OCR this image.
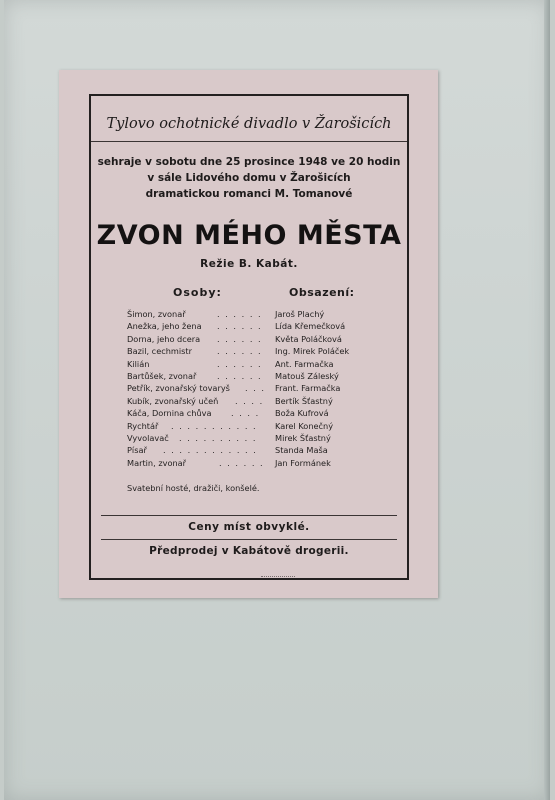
Tylovo ochotnické divadlo v Žarošicích
sehraje v sobotu dne 25 prosince 1948 ve 20 hodin
v sále Lidového domu v Žarošicích
dramatickou romanci M. Tomanové
ZVON MÉHO MĚSTA
Režie B. Kabát.
Osoby:	Obsazení:
Šimon, zvonař	. . . . . . Jaroš Plachý
Anežka, jeho žena . . . . . . Lída Křemečková
Dorna, jeho dcera . . . . . . Květa Poláčková
Bazil, cechmistr	. . . . . . Ing. Mirek Poláček
Kilián	. . . . . . Ant. Farmačka
Bartůšek, zvonař	. . . . . . Matouš Záleský
Petřík, zvonařský tovaryš . . . Frant. Farmačka
Kubík, zvonařský učeň . . . . Bertík Šťastný
Káča, Dornina chůva . . . . Boža Kufrová
Rychtář . . . . . . . . . . . Karel Konečný
Vyvolavač . . . . . . . . . . Mirek Šťastný
Písař . . . . . . . . . . . . Standa Maša
Martin, zvonař	. . . . . . Jan Formánek
Svatební hosté, dražiči, konšelé.
Ceny míst obvyklé.
Předprodej v Kabátově drogerii.
